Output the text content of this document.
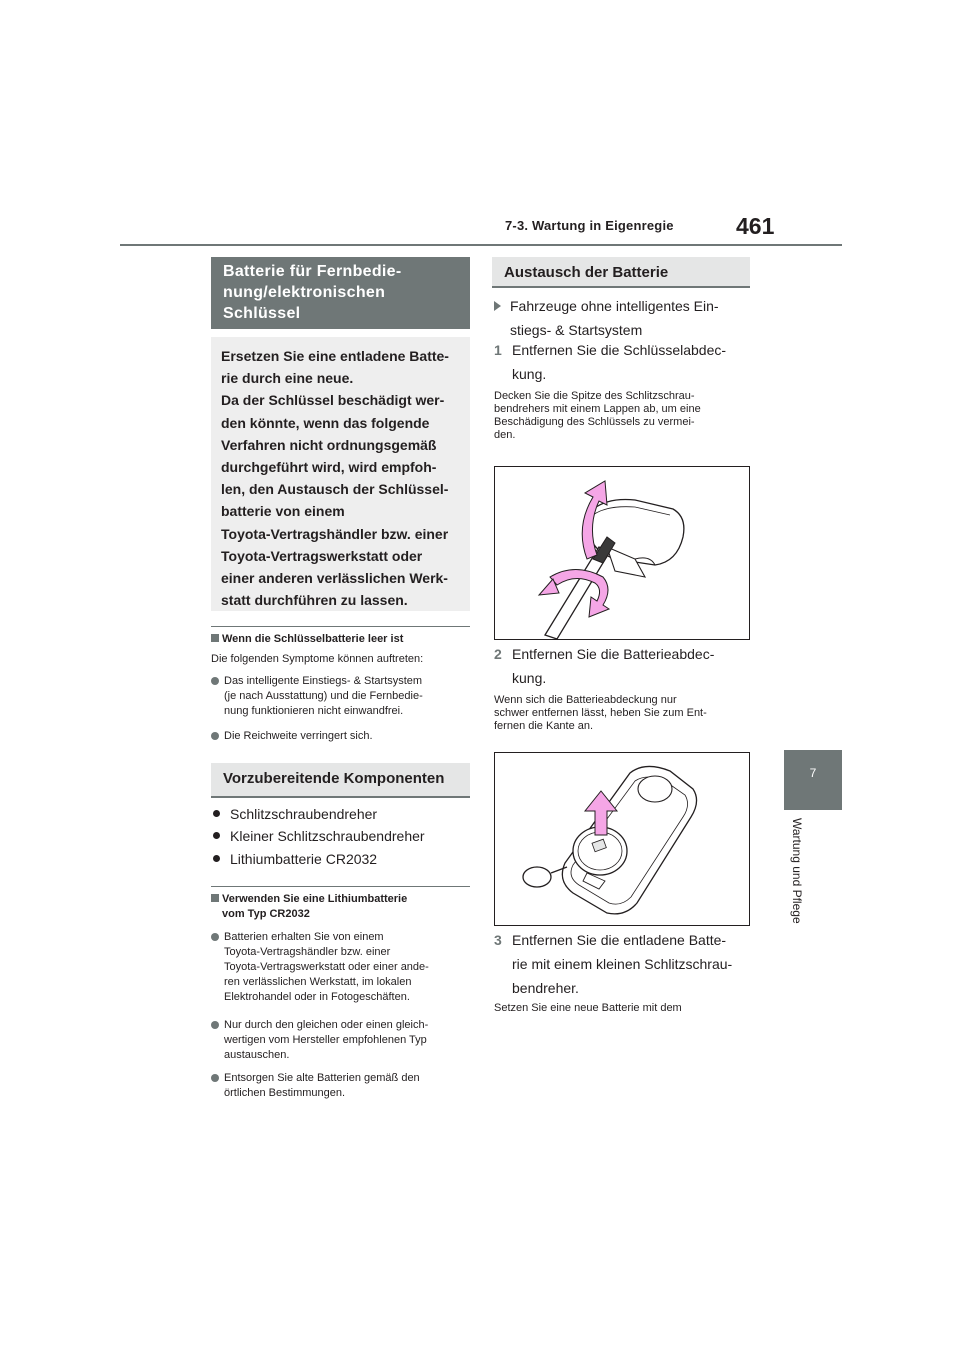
7-3. Wartung in Eigenregie	461
7
Wartung und Pflege
Batterie für Fernbedie-
nung/elektronischen
Schlüssel

Ersetzen Sie eine entladene Batte-

rie durch eine neue.

Da der Schlüssel beschädigt wer-

den könnte, wenn das folgende

Verfahren nicht ordnungsgemäß

durchgeführt wird, wird empfoh-

len, den Austausch der Schlüssel-

batterie von einem

Toyota-Vertragshändler bzw. einer

Toyota-Vertragswerkstatt oder

einer anderen verlässlichen Werk-

statt durchführen zu lassen.

Wenn die Schlüsselbatterie leer ist
Die folgenden Symptome können auftreten:
Das intelligente Einstiegs- & Startsystem
(je nach Ausstattung) und die Fernbedie-
nung funktionieren nicht einwandfrei.
Die Reichweite verringert sich.
Vorzubereitende Komponenten
Schlitzschraubendreher
Kleiner Schlitzschraubendreher
Lithiumbatterie CR2032
Verwenden Sie eine Lithiumbatterie
vom Typ CR2032
Batterien erhalten Sie von einem
Toyota-Vertragshändler bzw. einer
Toyota-Vertragswerkstatt oder einer ande-
ren verlässlichen Werkstatt, im lokalen
Elektrohandel oder in Fotogeschäften.
Nur durch den gleichen oder einen gleich-
wertigen vom Hersteller empfohlenen Typ
austauschen.
Entsorgen Sie alte Batterien gemäß den
örtlichen Bestimmungen.
Austausch der Batterie
Fahrzeuge ohne intelligentes Ein-
stiegs- & Startsystem
1 Entfernen Sie die Schlüsselabdec-
kung.
Decken Sie die Spitze des Schlitzschrau-
bendrehers mit einem Lappen ab, um eine
Beschädigung des Schlüssels zu vermei-
den.
2 Entfernen Sie die Batterieabdec-
kung.
Wenn sich die Batterieabdeckung nur
schwer entfernen lässt, heben Sie zum Ent-
fernen die Kante an.
3 Entfernen Sie die entladene Batte-
rie mit einem kleinen Schlitzschrau-
bendreher.
Setzen Sie eine neue Batterie mit dem
